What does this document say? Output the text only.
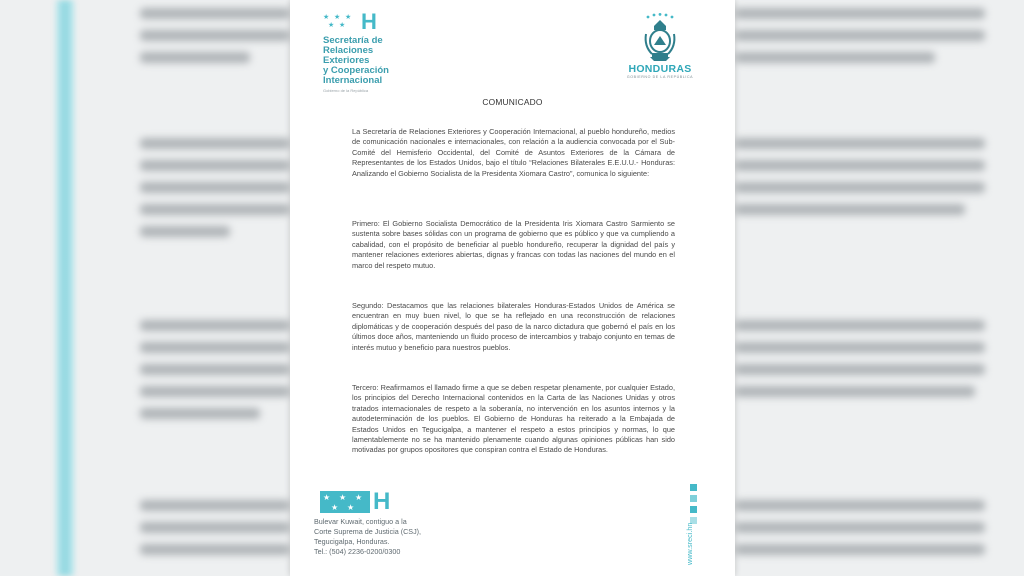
★ ★ ★
★ ★ H
Secretaría de
Relaciones
Exteriores
y Cooperación
Internacional
Gobierno de la República
HONDURAS
GOBIERNO DE LA REPÚBLICA
COMUNICADO
La Secretaría de Relaciones Exteriores y Cooperación Internacional, al pueblo hondureño, medios de comunicación nacionales e internacionales, con relación a la audiencia convocada por el Sub-Comité del Hemisferio Occidental, del Comité de Asuntos Exteriores de la Cámara de Representantes de los Estados Unidos, bajo el título “Relaciones Bilaterales E.E.U.U.- Honduras: Analizando el Gobierno Socialista de la Presidenta Xiomara Castro”, comunica lo siguiente:
Primero: El Gobierno Socialista Democrático de la Presidenta Iris Xiomara Castro Sarmiento se sustenta sobre bases sólidas con un programa de gobierno que es público y que va cumpliendo a cabalidad, con el propósito de beneficiar al pueblo hondureño, recuperar la dignidad del país y mantener relaciones exteriores abiertas, dignas y francas con todas las naciones del mundo en el marco del respeto mutuo.
Segundo: Destacamos que las relaciones bilaterales Honduras-Estados Unidos de América se encuentran en muy buen nivel, lo que se ha reflejado en una reconstrucción de relaciones diplomáticas y de cooperación después del paso de la narco dictadura que gobernó el país en los últimos doce años, manteniendo un fluido proceso de intercambios y trabajo conjunto en temas de interés mutuo y beneficio para nuestros pueblos.
Tercero: Reafirmamos el llamado firme a que se deben respetar plenamente, por cualquier Estado, los principios del Derecho Internacional contenidos en la Carta de las Naciones Unidas y otros tratados internacionales de respeto a la soberanía, no intervención en los asuntos internos y la autodeterminación de los pueblos. El Gobierno de Honduras ha reiterado a la Embajada de Estados Unidos en Tegucigalpa, a mantener el respeto a estos principios y normas, lo que lamentablemente no se ha mantenido plenamente cuando algunas opiniones públicas han sido motivadas por grupos opositores que conspiran contra el Estado de Honduras.
★ ★ ★
★ ★ H
Bulevar Kuwait, contiguo a la
Corte Suprema de Justicia (CSJ),
Tegucigalpa, Honduras.
Tel.: (504) 2236-0200/0300	www.sreci.hn
